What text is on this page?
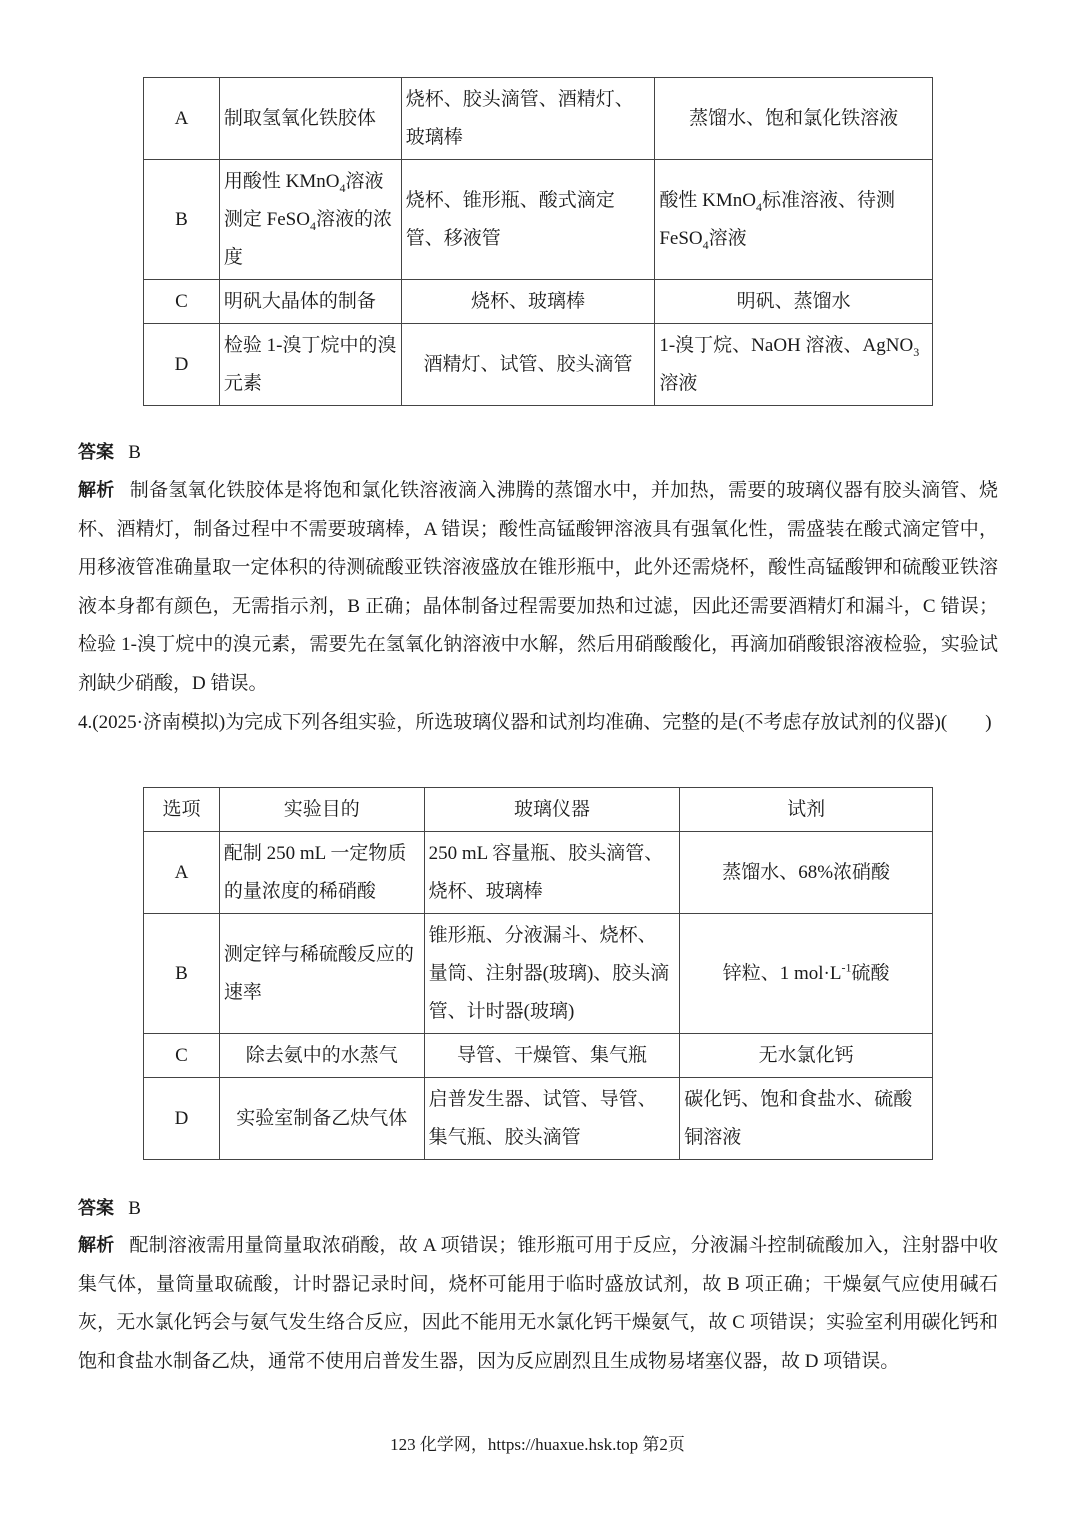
A	制取氢氧化铁胶体	烧杯、胶头滴管、酒精灯、玻璃棒	蒸馏水、饱和氯化铁溶液
B	用酸性 KMnO$_4$溶液测定 FeSO$_4$溶液的浓度	烧杯、锥形瓶、酸式滴定管、移液管	酸性 KMnO$_4$标准溶液、待测 FeSO$_4$溶液
C	明矾大晶体的制备	烧杯、玻璃棒	明矾、蒸馏水
D	检验 1-溴丁烷中的溴元素	酒精灯、试管、胶头滴管	1-溴丁烷、NaOH 溶液、AgNO$_3$溶液
答案 B

解析 制备氢氧化铁胶体是将饱和氯化铁溶液滴入沸腾的蒸馏水中，并加热，需要的玻璃仪器有胶头滴管、烧杯、酒精灯，制备过程中不需要玻璃棒，A 错误；酸性高锰酸钾溶液具有强氧化性，需盛装在酸式滴定管中，用移液管准确量取一定体积的待测硫酸亚铁溶液盛放在锥形瓶中，此外还需烧杯，酸性高锰酸钾和硫酸亚铁溶液本身都有颜色，无需指示剂，B 正确；晶体制备过程需要加热和过滤，因此还需要酒精灯和漏斗，C 错误；检验 1-溴丁烷中的溴元素，需要先在氢氧化钠溶液中水解，然后用硝酸酸化，再滴加硝酸银溶液检验，实验试剂缺少硝酸，D 错误。

4.(2025·济南模拟)为完成下列各组实验，所选玻璃仪器和试剂均准确、完整的是(不考虑存放试剂的仪器)(　　)

选项	实验目的	玻璃仪器	试剂
A	配制 250 mL 一定物质的量浓度的稀硝酸	250 mL 容量瓶、胶头滴管、烧杯、玻璃棒	蒸馏水、68%浓硝酸
B	测定锌与稀硫酸反应的速率	锥形瓶、分液漏斗、烧杯、量筒、注射器(玻璃)、胶头滴管、计时器(玻璃)	锌粒、1 $mol\cdot L^{-1}$硫酸
C	除去氨中的水蒸气	导管、干燥管、集气瓶	无水氯化钙
D	实验室制备乙炔气体	启普发生器、试管、导管、集气瓶、胶头滴管	碳化钙、饱和食盐水、硫酸铜溶液
答案 B

解析 配制溶液需用量筒量取浓硝酸，故 A 项错误；锥形瓶可用于反应，分液漏斗控制硫酸加入，注射器中收集气体，量筒量取硫酸，计时器记录时间，烧杯可能用于临时盛放试剂，故 B 项正确；干燥氨气应使用碱石灰，无水氯化钙会与氨气发生络合反应，因此不能用无水氯化钙干燥氨气，故 C 项错误；实验室利用碳化钙和饱和食盐水制备乙炔，通常不使用启普发生器，因为反应剧烈且生成物易堵塞仪器，故 D 项错误。

123 化学网，https://huaxue.hsk.top 第2页
